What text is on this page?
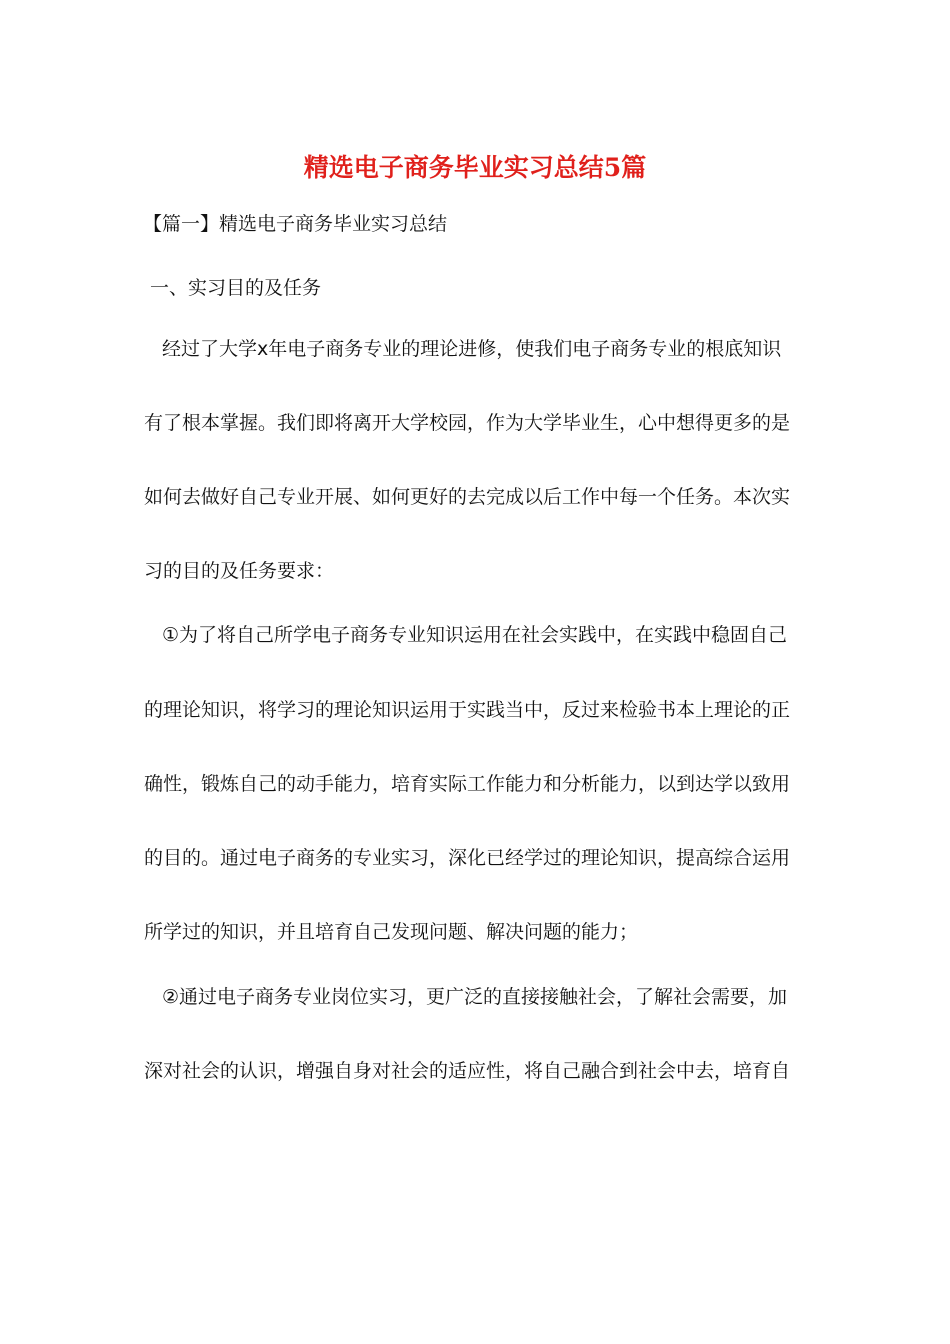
精选电子商务毕业实习总结5篇
【篇一】精选电子商务毕业实习总结
一、实习目的及任务
经过了大学x年电子商务专业的理论进修，使我们电子商务专业的根底知识
有了根本掌握。我们即将离开大学校园，作为大学毕业生，心中想得更多的是
如何去做好自己专业开展、如何更好的去完成以后工作中每一个任务。本次实
习的目的及任务要求：
①为了将自己所学电子商务专业知识运用在社会实践中，在实践中稳固自己
的理论知识，将学习的理论知识运用于实践当中，反过来检验书本上理论的正
确性，锻炼自己的动手能力，培育实际工作能力和分析能力，以到达学以致用
的目的。通过电子商务的专业实习，深化已经学过的理论知识，提高综合运用
所学过的知识，并且培育自己发现问题、解决问题的能力；
②通过电子商务专业岗位实习，更广泛的直接接触社会，了解社会需要，加
深对社会的认识，增强自身对社会的适应性，将自己融合到社会中去，培育自
